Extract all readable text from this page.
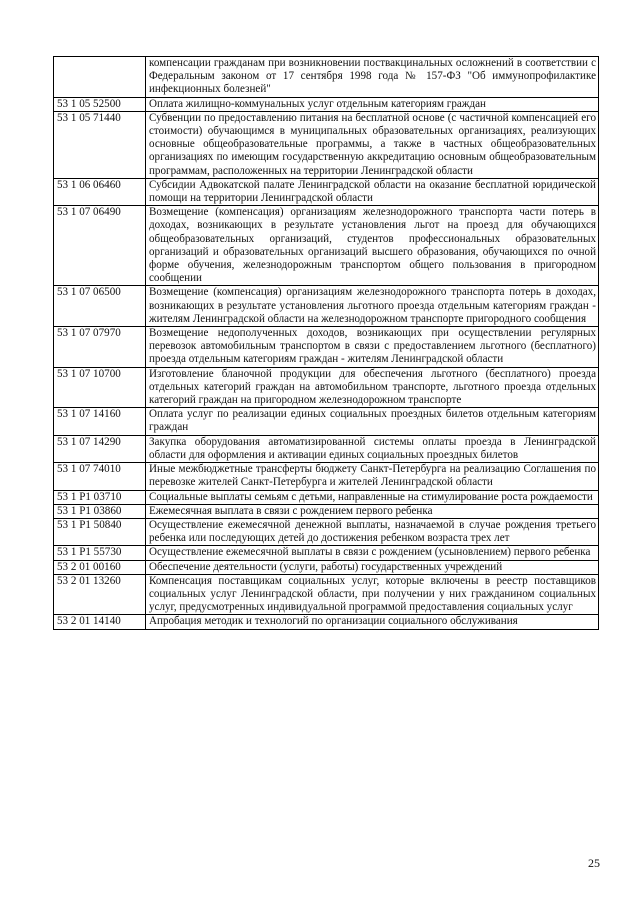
	компенсации гражданам при возникновении поствакцинальных осложнений в соответствии с Федеральным законом от 17 сентября 1998 года № 157-ФЗ "Об иммунопрофилактике инфекционных болезней"
53 1 05 52500	Оплата жилищно-коммунальных услуг отдельным категориям граждан
53 1 05 71440	Субвенции по предоставлению питания на бесплатной основе (с частичной компенсацией его стоимости) обучающимся в муниципальных образовательных организациях, реализующих основные общеобразовательные программы, а также в частных общеобразовательных организациях по имеющим государственную аккредитацию основным общеобразовательным программам, расположенных на территории Ленинградской области
53 1 06 06460	Субсидии Адвокатской палате Ленинградской области на оказание бесплатной юридической помощи на территории Ленинградской области
53 1 07 06490	Возмещение (компенсация) организациям железнодорожного транспорта части потерь в доходах, возникающих в результате установления льгот на проезд для обучающихся общеобразовательных организаций, студентов профессиональных образовательных организаций и образовательных организаций высшего образования, обучающихся по очной форме обучения, железнодорожным транспортом общего пользования в пригородном сообщении
53 1 07 06500	Возмещение (компенсация) организациям железнодорожного транспорта потерь в доходах, возникающих в результате установления льготного проезда отдельным категориям граждан - жителям Ленинградской области на железнодорожном транспорте пригородного сообщения
53 1 07 07970	Возмещение недополученных доходов, возникающих при осуществлении регулярных перевозок автомобильным транспортом в связи с предоставлением льготного (бесплатного) проезда отдельным категориям граждан - жителям Ленинградской области
53 1 07 10700	Изготовление бланочной продукции для обеспечения льготного (бесплатного) проезда отдельных категорий граждан на автомобильном транспорте, льготного проезда отдельных категорий граждан на пригородном железнодорожном транспорте
53 1 07 14160	Оплата услуг по реализации единых социальных проездных билетов отдельным категориям граждан
53 1 07 14290	Закупка оборудования автоматизированной системы оплаты проезда в Ленинградской области для оформления и активации единых социальных проездных билетов
53 1 07 74010	Иные межбюджетные трансферты бюджету Санкт-Петербурга на реализацию Соглашения по перевозке жителей Санкт-Петербурга и жителей Ленинградской области
53 1 P1 03710	Социальные выплаты семьям с детьми, направленные на стимулирование роста рождаемости
53 1 P1 03860	Ежемесячная выплата в связи с рождением первого ребенка
53 1 P1 50840	Осуществление ежемесячной денежной выплаты, назначаемой в случае рождения третьего ребенка или последующих детей до достижения ребенком возраста трех лет
53 1 P1 55730	Осуществление ежемесячной выплаты в связи с рождением (усыновлением) первого ребенка
53 2 01 00160	Обеспечение деятельности (услуги, работы) государственных учреждений
53 2 01 13260	Компенсация поставщикам социальных услуг, которые включены в реестр поставщиков социальных услуг Ленинградской области, при получении у них гражданином социальных услуг, предусмотренных индивидуальной программой предоставления социальных услуг
53 2 01 14140	Апробация методик и технологий по организации социального обслуживания
25
